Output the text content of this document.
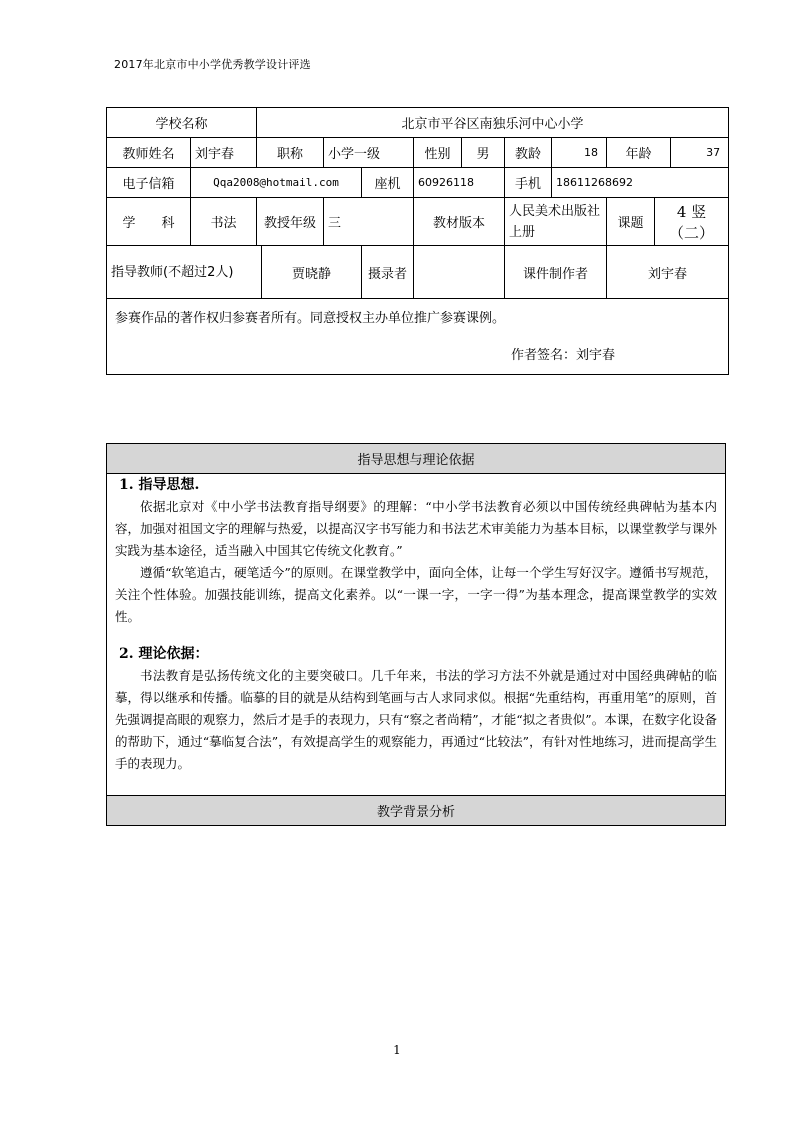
2017年北京市中小学优秀教学设计评选
学校名称		北京市平谷区南独乐河中心小学										
教师姓名	刘宇春	职称		小学一级		性别	男	教龄	18	年龄		37
电子信箱	Qqa2008@hotmail.com				座机	60926118		手机	18611268692			
学　　科	书法	教授年级		三		教材版本		人民美术出版社 上册		课题	4 竖（二）	
指导教师(不超过2人)			贾晓静		摄录者			课件制作者		刘宇春		

参赛作品的著作权归参赛者所有。同意授权主办单位推广参赛课例。

作者签名：刘宇春												
指导思想与理论依据

1. 指导思想.

依据北京对《中小学书法教育指导纲要》的理解：“中小学书法教育必须以中国传统经典碑帖为基本内容，加强对祖国文字的理解与热爱，以提高汉字书写能力和书法艺术审美能力为基本目标，以课堂教学与课外实践为基本途径，适当融入中国其它传统文化教育。”

遵循“软笔追古，硬笔适今”的原则。在课堂教学中，面向全体，让每一个学生写好汉字。遵循书写规范，关注个性体验。加强技能训练，提高文化素养。以“一课一字，一字一得”为基本理念，提高课堂教学的实效性。

2. 理论依据：

书法教育是弘扬传统文化的主要突破口。几千年来，书法的学习方法不外就是通过对中国经典碑帖的临摹，得以继承和传播。临摹的目的就是从结构到笔画与古人求同求似。根据“先重结构，再重用笔”的原则，首先强调提高眼的观察力，然后才是手的表现力，只有“察之者尚精”，才能“拟之者贵似”。本课，在数字化设备的帮助下，通过“摹临复合法”，有效提高学生的观察能力，再通过“比较法”，有针对性地练习，进而提高学生手的表现力。

教学背景分析
1
